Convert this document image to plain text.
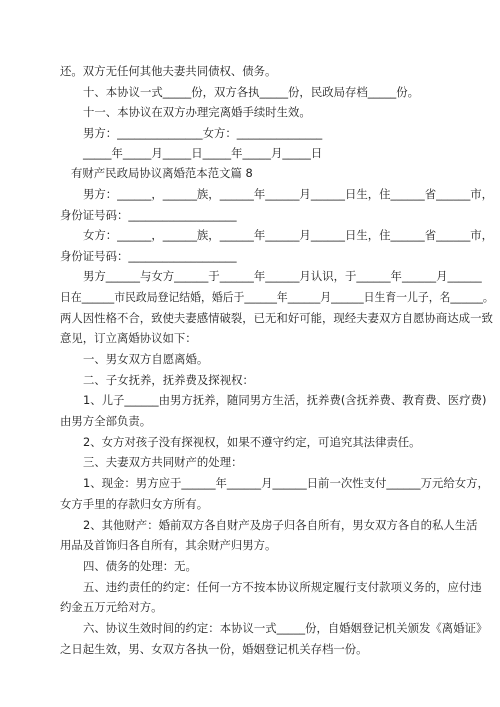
还。双方无任何其他夫妻共同债权、债务。
十、本协议一式_____份，双方各执_____份，民政局存档_____份。
十一、本协议在双方办理完离婚手续时生效。
男方：_______________女方：_______________
_____年_____月_____日_____年_____月_____日
有财产民政局协议离婚范本范文篇 8
男方：______，______族，______年______月______日生，住______省______市，
身份证号码：___________________
女方：______，______族，______年______月______日生，住______省______市，
身份证号码：___________________
男方______与女方______于______年______月认识，于______年______月______
日在______市民政局登记结婚，婚后于______年______月______日生育一儿子，名______。
两人因性格不合，致使夫妻感情破裂，已无和好可能，现经夫妻双方自愿协商达成一致
意见，订立离婚协议如下：
一、男女双方自愿离婚。
二、子女抚养，抚养费及探视权：
1、儿子______由男方抚养，随同男方生活，抚养费(含抚养费、教育费、医疗费)
由男方全部负责。
2、女方对孩子没有探视权，如果不遵守约定，可追究其法律责任。
三、夫妻双方共同财产的处理：
1、现金：男方应于______年______月______日前一次性支付______万元给女方，
女方手里的存款归女方所有。
2、其他财产：婚前双方各自财产及房子归各自所有，男女双方各自的私人生活
用品及首饰归各自所有，其余财产归男方。
四、债务的处理：无。
五、违约责任的约定：任何一方不按本协议所规定履行支付款项义务的，应付违
约金五万元给对方。
六、协议生效时间的约定：本协议一式_____份，自婚姻登记机关颁发《离婚证》
之日起生效，男、女双方各执一份，婚姻登记机关存档一份。
